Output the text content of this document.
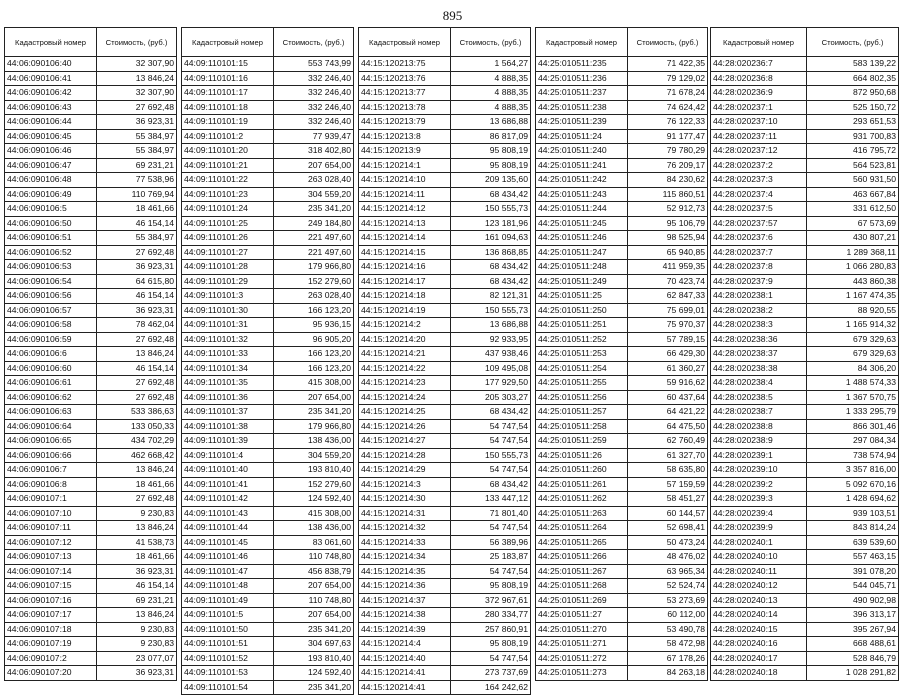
895
Кадастровый номер	Стоимость, (руб.)
44:06:090106:40	32 307,90
44:06:090106:41	13 846,24
44:06:090106:42	32 307,90
44:06:090106:43	27 692,48
44:06:090106:44	36 923,31
44:06:090106:45	55 384,97
44:06:090106:46	55 384,97
44:06:090106:47	69 231,21
44:06:090106:48	77 538,96
44:06:090106:49	110 769,94
44:06:090106:5	18 461,66
44:06:090106:50	46 154,14
44:06:090106:51	55 384,97
44:06:090106:52	27 692,48
44:06:090106:53	36 923,31
44:06:090106:54	64 615,80
44:06:090106:56	46 154,14
44:06:090106:57	36 923,31
44:06:090106:58	78 462,04
44:06:090106:59	27 692,48
44:06:090106:6	13 846,24
44:06:090106:60	46 154,14
44:06:090106:61	27 692,48
44:06:090106:62	27 692,48
44:06:090106:63	533 386,63
44:06:090106:64	133 050,33
44:06:090106:65	434 702,29
44:06:090106:66	462 668,42
44:06:090106:7	13 846,24
44:06:090106:8	18 461,66
44:06:090107:1	27 692,48
44:06:090107:10	9 230,83
44:06:090107:11	13 846,24
44:06:090107:12	41 538,73
44:06:090107:13	18 461,66
44:06:090107:14	36 923,31
44:06:090107:15	46 154,14
44:06:090107:16	69 231,21
44:06:090107:17	13 846,24
44:06:090107:18	9 230,83
44:06:090107:19	9 230,83
44:06:090107:2	23 077,07
44:06:090107:20	36 923,31
Кадастровый номер	Стоимость, (руб.)
44:09:110101:15	553 743,99
44:09:110101:16	332 246,40
44:09:110101:17	332 246,40
44:09:110101:18	332 246,40
44:09:110101:19	332 246,40
44:09:110101:2	77 939,47
44:09:110101:20	318 402,80
44:09:110101:21	207 654,00
44:09:110101:22	263 028,40
44:09:110101:23	304 559,20
44:09:110101:24	235 341,20
44:09:110101:25	249 184,80
44:09:110101:26	221 497,60
44:09:110101:27	221 497,60
44:09:110101:28	179 966,80
44:09:110101:29	152 279,60
44:09:110101:3	263 028,40
44:09:110101:30	166 123,20
44:09:110101:31	95 936,15
44:09:110101:32	96 905,20
44:09:110101:33	166 123,20
44:09:110101:34	166 123,20
44:09:110101:35	415 308,00
44:09:110101:36	207 654,00
44:09:110101:37	235 341,20
44:09:110101:38	179 966,80
44:09:110101:39	138 436,00
44:09:110101:4	304 559,20
44:09:110101:40	193 810,40
44:09:110101:41	152 279,60
44:09:110101:42	124 592,40
44:09:110101:43	415 308,00
44:09:110101:44	138 436,00
44:09:110101:45	83 061,60
44:09:110101:46	110 748,80
44:09:110101:47	456 838,79
44:09:110101:48	207 654,00
44:09:110101:49	110 748,80
44:09:110101:5	207 654,00
44:09:110101:50	235 341,20
44:09:110101:51	304 697,63
44:09:110101:52	193 810,40
44:09:110101:53	124 592,40
44:09:110101:54	235 341,20
Кадастровый номер	Стоимость, (руб.)
44:15:120213:75	1 564,27
44:15:120213:76	4 888,35
44:15:120213:77	4 888,35
44:15:120213:78	4 888,35
44:15:120213:79	13 686,88
44:15:120213:8	86 817,09
44:15:120213:9	95 808,19
44:15:120214:1	95 808,19
44:15:120214:10	209 135,60
44:15:120214:11	68 434,42
44:15:120214:12	150 555,73
44:15:120214:13	123 181,96
44:15:120214:14	161 094,63
44:15:120214:15	136 868,85
44:15:120214:16	68 434,42
44:15:120214:17	68 434,42
44:15:120214:18	82 121,31
44:15:120214:19	150 555,73
44:15:120214:2	13 686,88
44:15:120214:20	92 933,95
44:15:120214:21	437 938,46
44:15:120214:22	109 495,08
44:15:120214:23	177 929,50
44:15:120214:24	205 303,27
44:15:120214:25	68 434,42
44:15:120214:26	54 747,54
44:15:120214:27	54 747,54
44:15:120214:28	150 555,73
44:15:120214:29	54 747,54
44:15:120214:3	68 434,42
44:15:120214:30	133 447,12
44:15:120214:31	71 801,40
44:15:120214:32	54 747,54
44:15:120214:33	56 389,96
44:15:120214:34	25 183,87
44:15:120214:35	54 747,54
44:15:120214:36	95 808,19
44:15:120214:37	372 967,61
44:15:120214:38	280 334,77
44:15:120214:39	257 860,91
44:15:120214:4	95 808,19
44:15:120214:40	54 747,54
44:15:120214:41	273 737,69
44:15:120214:41	164 242,62
Кадастровый номер	Стоимость, (руб.)
44:25:010511:235	71 422,35
44:25:010511:236	79 129,02
44:25:010511:237	71 678,24
44:25:010511:238	74 624,42
44:25:010511:239	76 122,33
44:25:010511:24	91 177,47
44:25:010511:240	79 780,29
44:25:010511:241	76 209,17
44:25:010511:242	84 230,62
44:25:010511:243	115 860,51
44:25:010511:244	52 912,73
44:25:010511:245	95 106,79
44:25:010511:246	98 525,94
44:25:010511:247	65 940,85
44:25:010511:248	411 959,35
44:25:010511:249	70 423,74
44:25:010511:25	62 847,33
44:25:010511:250	75 699,01
44:25:010511:251	75 970,37
44:25:010511:252	57 789,15
44:25:010511:253	66 429,30
44:25:010511:254	61 360,27
44:25:010511:255	59 916,62
44:25:010511:256	60 437,64
44:25:010511:257	64 421,22
44:25:010511:258	64 475,50
44:25:010511:259	62 760,49
44:25:010511:26	61 327,70
44:25:010511:260	58 635,80
44:25:010511:261	57 159,59
44:25:010511:262	58 451,27
44:25:010511:263	60 144,57
44:25:010511:264	52 698,41
44:25:010511:265	50 473,24
44:25:010511:266	48 476,02
44:25:010511:267	63 965,34
44:25:010511:268	52 524,74
44:25:010511:269	53 273,69
44:25:010511:27	60 112,00
44:25:010511:270	53 490,78
44:25:010511:271	58 472,98
44:25:010511:272	67 178,26
44:25:010511:273	84 263,18
Кадастровый номер	Стоимость, (руб.)
44:28:020236:7	583 139,22
44:28:020236:8	664 802,35
44:28:020236:9	872 950,68
44:28:020237:1	525 150,72
44:28:020237:10	293 651,53
44:28:020237:11	931 700,83
44:28:020237:12	416 795,72
44:28:020237:2	564 523,81
44:28:020237:3	560 931,50
44:28:020237:4	463 667,84
44:28:020237:5	331 612,50
44:28:020237:57	67 573,69
44:28:020237:6	430 807,21
44:28:020237:7	1 289 368,11
44:28:020237:8	1 066 280,83
44:28:020237:9	443 860,38
44:28:020238:1	1 167 474,35
44:28:020238:2	88 920,55
44:28:020238:3	1 165 914,32
44:28:020238:36	679 329,63
44:28:020238:37	679 329,63
44:28:020238:38	84 306,20
44:28:020238:4	1 488 574,33
44:28:020238:5	1 367 570,75
44:28:020238:7	1 333 295,79
44:28:020238:8	866 301,46
44:28:020238:9	297 084,34
44:28:020239:1	738 574,94
44:28:020239:10	3 357 816,00
44:28:020239:2	5 092 670,16
44:28:020239:3	1 428 694,62
44:28:020239:4	939 103,51
44:28:020239:9	843 814,24
44:28:020240:1	639 539,60
44:28:020240:10	557 463,15
44:28:020240:11	391 078,20
44:28:020240:12	544 045,71
44:28:020240:13	490 902,98
44:28:020240:14	396 313,17
44:28:020240:15	395 267,94
44:28:020240:16	668 488,61
44:28:020240:17	528 846,79
44:28:020240:18	1 028 291,82
